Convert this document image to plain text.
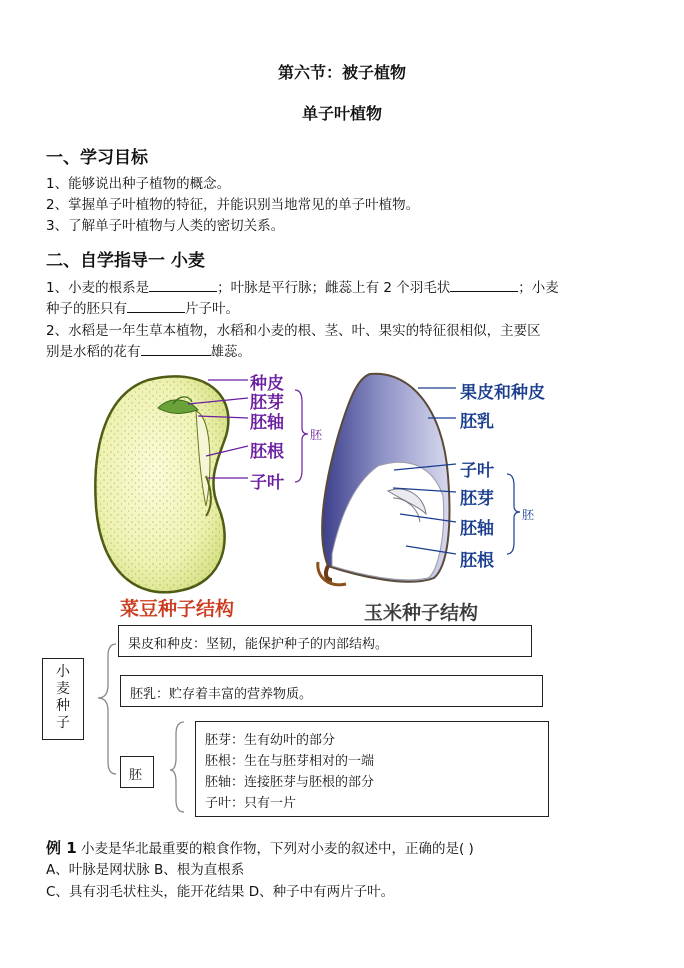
第六节：被子植物
单子叶植物
一、学习目标
1、能够说出种子植物的概念。
2、掌握单子叶植物的特征，并能识别当地常见的单子叶植物。
3、了解单子叶植物与人类的密切关系。
二、自学指导一 小麦
1、小麦的根系是	；叶脉是平行脉；雌蕊上有 2 个羽毛状	；小麦
种子的胚只有	片子叶。
2、水稻是一年生草本植物，水稻和小麦的根、茎、叶、果实的特征很相似，主要区
别是水稻的花有	雄蕊。
种皮
胚芽
胚轴
胚根
子叶
胚
果皮和种皮
胚乳
子叶
胚芽
胚轴
胚根
胚
菜豆种子结构	玉米种子结构
小麦种子
果皮和种皮：坚韧，能保护种子的内部结构。
胚乳：贮存着丰富的营养物质。
胚
胚芽：生有幼叶的部分
胚根：生在与胚芽相对的一端
胚轴：连接胚芽与胚根的部分
子叶：只有一片
例 1 小麦是华北最重要的粮食作物，下列对小麦的叙述中，正确的是( )
A、叶脉是网状脉 B、根为直根系
C、具有羽毛状柱头，能开花结果 D、种子中有两片子叶。
